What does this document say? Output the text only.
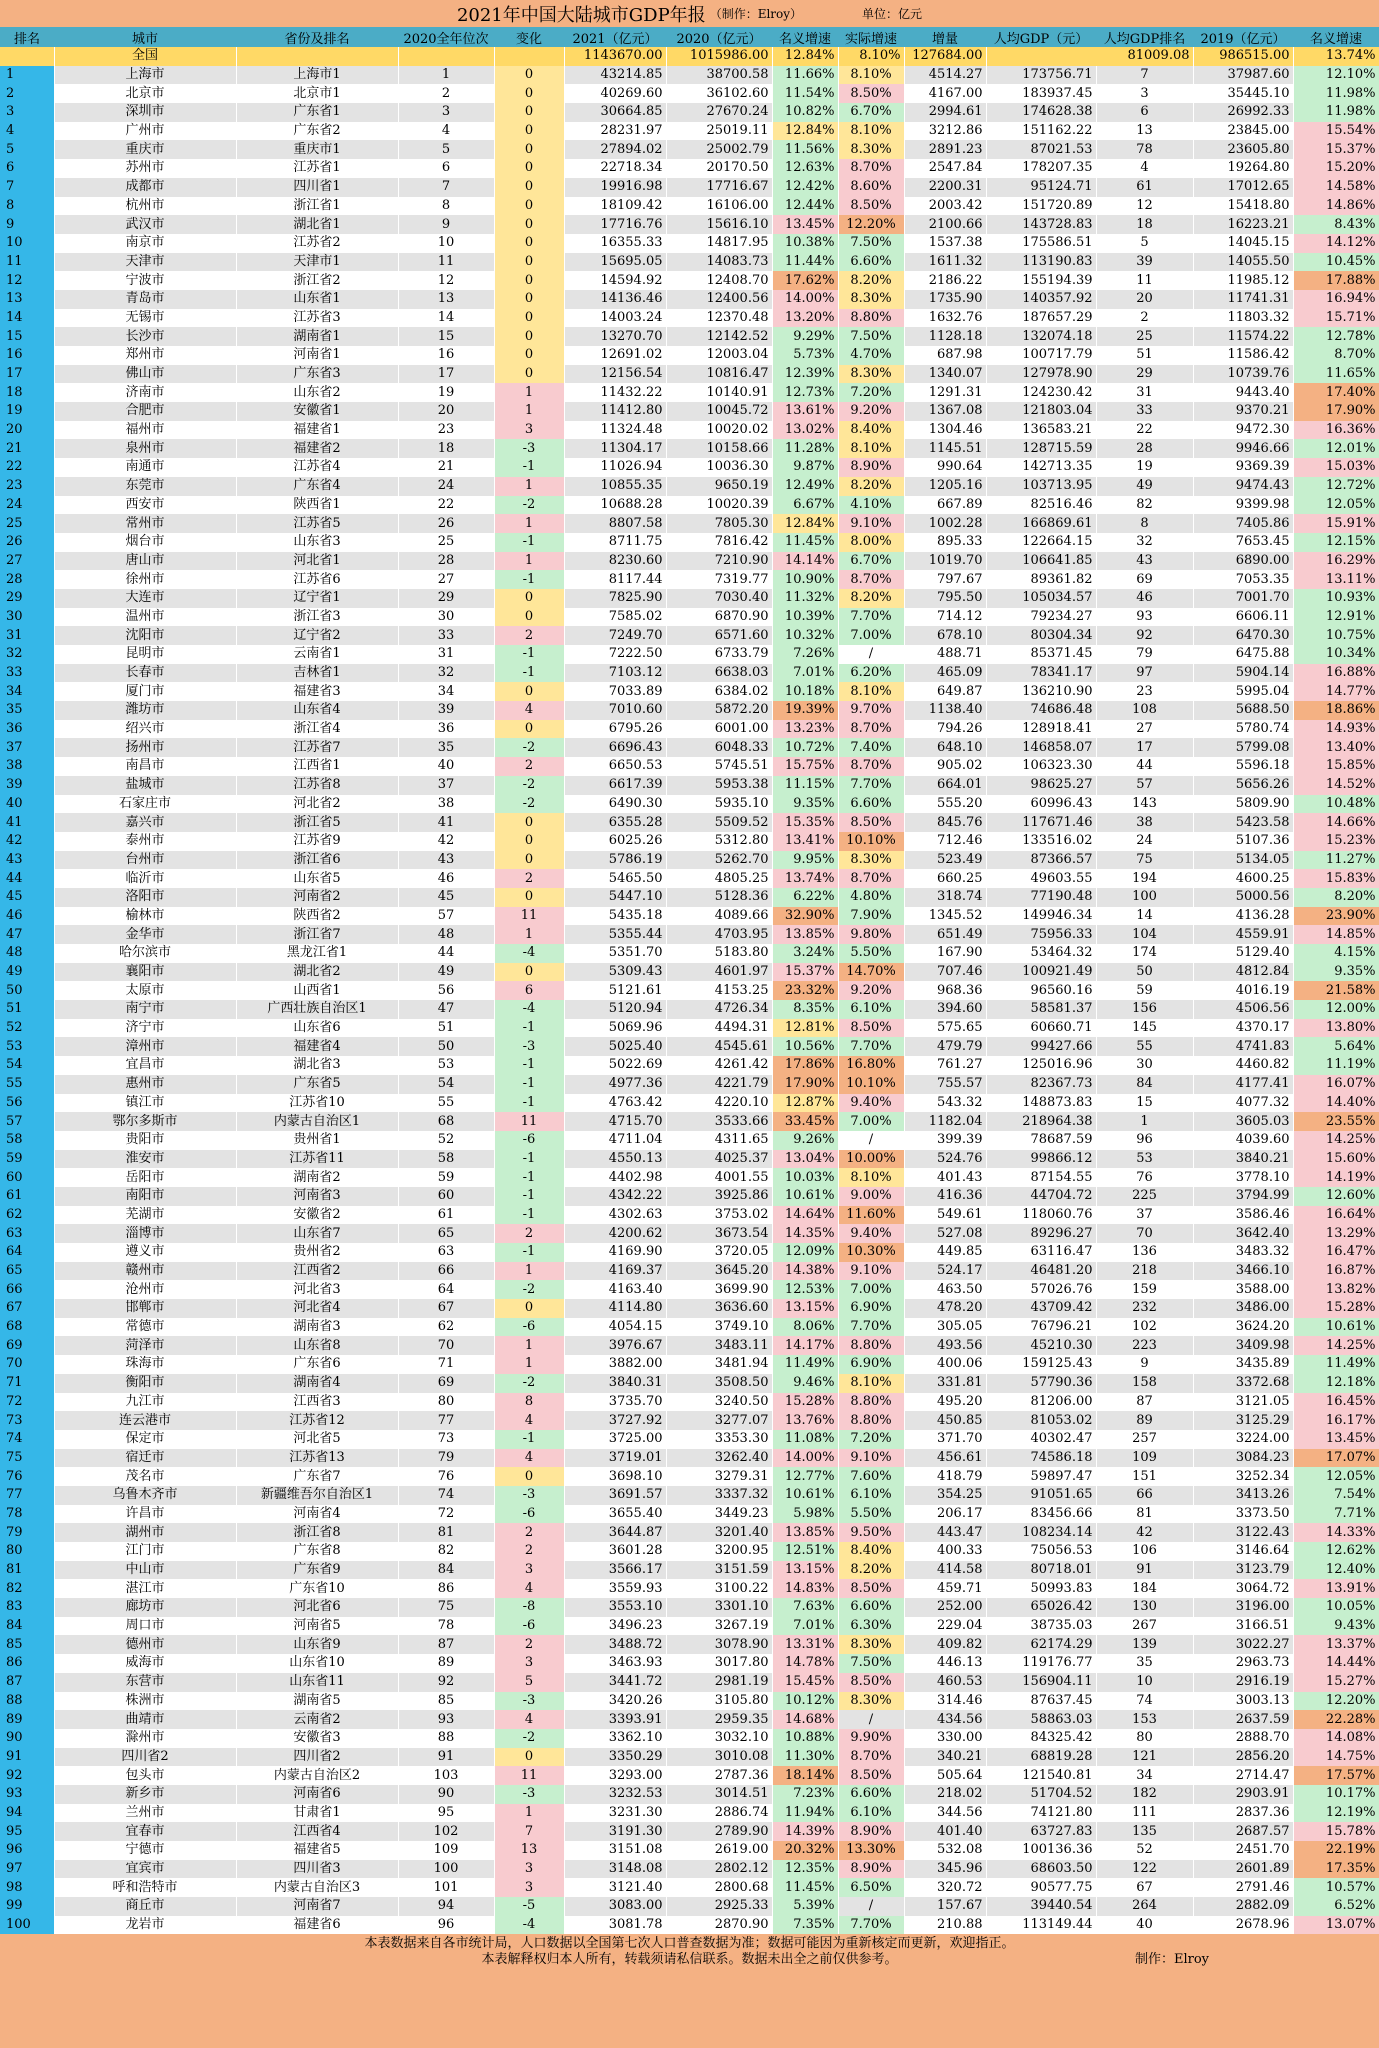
2021年中国大陆城市GDP年报 （制作：Elroy）	单位：亿元
排名	城市	省份及排名	2020全年位次	变化	2021（亿元）	2020（亿元）	名义增速	实际增速	增量	人均GDP（元）	人均GDP排名	2019（亿元）	名义增速
	全国				1143670.00	1015986.00	12.84%	8.10%	127684.00	81009.08		986515.00	13.74%
1	上海市	上海市1	1	0	43214.85	38700.58	11.66%	8.10%	4514.27	173756.71	7	37987.60	12.10%
2	北京市	北京市1	2	0	40269.60	36102.60	11.54%	8.50%	4167.00	183937.45	3	35445.10	11.98%
3	深圳市	广东省1	3	0	30664.85	27670.24	10.82%	6.70%	2994.61	174628.38	6	26992.33	11.98%
4	广州市	广东省2	4	0	28231.97	25019.11	12.84%	8.10%	3212.86	151162.22	13	23845.00	15.54%
5	重庆市	重庆市1	5	0	27894.02	25002.79	11.56%	8.30%	2891.23	87021.53	78	23605.80	15.37%
6	苏州市	江苏省1	6	0	22718.34	20170.50	12.63%	8.70%	2547.84	178207.35	4	19264.80	15.20%
7	成都市	四川省1	7	0	19916.98	17716.67	12.42%	8.60%	2200.31	95124.71	61	17012.65	14.58%
8	杭州市	浙江省1	8	0	18109.42	16106.00	12.44%	8.50%	2003.42	151720.89	12	15418.80	14.86%
9	武汉市	湖北省1	9	0	17716.76	15616.10	13.45%	12.20%	2100.66	143728.83	18	16223.21	8.43%
10	南京市	江苏省2	10	0	16355.33	14817.95	10.38%	7.50%	1537.38	175586.51	5	14045.15	14.12%
11	天津市	天津市1	11	0	15695.05	14083.73	11.44%	6.60%	1611.32	113190.83	39	14055.50	10.45%
12	宁波市	浙江省2	12	0	14594.92	12408.70	17.62%	8.20%	2186.22	155194.39	11	11985.12	17.88%
13	青岛市	山东省1	13	0	14136.46	12400.56	14.00%	8.30%	1735.90	140357.92	20	11741.31	16.94%
14	无锡市	江苏省3	14	0	14003.24	12370.48	13.20%	8.80%	1632.76	187657.29	2	11803.32	15.71%
15	长沙市	湖南省1	15	0	13270.70	12142.52	9.29%	7.50%	1128.18	132074.18	25	11574.22	12.78%
16	郑州市	河南省1	16	0	12691.02	12003.04	5.73%	4.70%	687.98	100717.79	51	11586.42	8.70%
17	佛山市	广东省3	17	0	12156.54	10816.47	12.39%	8.30%	1340.07	127978.90	29	10739.76	11.65%
18	济南市	山东省2	19	1	11432.22	10140.91	12.73%	7.20%	1291.31	124230.42	31	9443.40	17.40%
19	合肥市	安徽省1	20	1	11412.80	10045.72	13.61%	9.20%	1367.08	121803.04	33	9370.21	17.90%
20	福州市	福建省1	23	3	11324.48	10020.02	13.02%	8.40%	1304.46	136583.21	22	9472.30	16.36%
21	泉州市	福建省2	18	-3	11304.17	10158.66	11.28%	8.10%	1145.51	128715.59	28	9946.66	12.01%
22	南通市	江苏省4	21	-1	11026.94	10036.30	9.87%	8.90%	990.64	142713.35	19	9369.39	15.03%
23	东莞市	广东省4	24	1	10855.35	9650.19	12.49%	8.20%	1205.16	103713.95	49	9474.43	12.72%
24	西安市	陕西省1	22	-2	10688.28	10020.39	6.67%	4.10%	667.89	82516.46	82	9399.98	12.05%
25	常州市	江苏省5	26	1	8807.58	7805.30	12.84%	9.10%	1002.28	166869.61	8	7405.86	15.91%
26	烟台市	山东省3	25	-1	8711.75	7816.42	11.45%	8.00%	895.33	122664.15	32	7653.45	12.15%
27	唐山市	河北省1	28	1	8230.60	7210.90	14.14%	6.70%	1019.70	106641.85	43	6890.00	16.29%
28	徐州市	江苏省6	27	-1	8117.44	7319.77	10.90%	8.70%	797.67	89361.82	69	7053.35	13.11%
29	大连市	辽宁省1	29	0	7825.90	7030.40	11.32%	8.20%	795.50	105034.57	46	7001.70	10.93%
30	温州市	浙江省3	30	0	7585.02	6870.90	10.39%	7.70%	714.12	79234.27	93	6606.11	12.91%
31	沈阳市	辽宁省2	33	2	7249.70	6571.60	10.32%	7.00%	678.10	80304.34	92	6470.30	10.75%
32	昆明市	云南省1	31	-1	7222.50	6733.79	7.26%	/	488.71	85371.45	79	6475.88	10.34%
33	长春市	吉林省1	32	-1	7103.12	6638.03	7.01%	6.20%	465.09	78341.17	97	5904.14	16.88%
34	厦门市	福建省3	34	0	7033.89	6384.02	10.18%	8.10%	649.87	136210.90	23	5995.04	14.77%
35	潍坊市	山东省4	39	4	7010.60	5872.20	19.39%	9.70%	1138.40	74686.48	108	5688.50	18.86%
36	绍兴市	浙江省4	36	0	6795.26	6001.00	13.23%	8.70%	794.26	128918.41	27	5780.74	14.93%
37	扬州市	江苏省7	35	-2	6696.43	6048.33	10.72%	7.40%	648.10	146858.07	17	5799.08	13.40%
38	南昌市	江西省1	40	2	6650.53	5745.51	15.75%	8.70%	905.02	106323.30	44	5596.18	15.85%
39	盐城市	江苏省8	37	-2	6617.39	5953.38	11.15%	7.70%	664.01	98625.27	57	5656.26	14.52%
40	石家庄市	河北省2	38	-2	6490.30	5935.10	9.35%	6.60%	555.20	60996.43	143	5809.90	10.48%
41	嘉兴市	浙江省5	41	0	6355.28	5509.52	15.35%	8.50%	845.76	117671.46	38	5423.58	14.66%
42	泰州市	江苏省9	42	0	6025.26	5312.80	13.41%	10.10%	712.46	133516.02	24	5107.36	15.23%
43	台州市	浙江省6	43	0	5786.19	5262.70	9.95%	8.30%	523.49	87366.57	75	5134.05	11.27%
44	临沂市	山东省5	46	2	5465.50	4805.25	13.74%	8.70%	660.25	49603.55	194	4600.25	15.83%
45	洛阳市	河南省2	45	0	5447.10	5128.36	6.22%	4.80%	318.74	77190.48	100	5000.56	8.20%
46	榆林市	陕西省2	57	11	5435.18	4089.66	32.90%	7.90%	1345.52	149946.34	14	4136.28	23.90%
47	金华市	浙江省7	48	1	5355.44	4703.95	13.85%	9.80%	651.49	75956.33	104	4559.91	14.85%
48	哈尔滨市	黑龙江省1	44	-4	5351.70	5183.80	3.24%	5.50%	167.90	53464.32	174	5129.40	4.15%
49	襄阳市	湖北省2	49	0	5309.43	4601.97	15.37%	14.70%	707.46	100921.49	50	4812.84	9.35%
50	太原市	山西省1	56	6	5121.61	4153.25	23.32%	9.20%	968.36	96560.16	59	4016.19	21.58%
51	南宁市	广西壮族自治区1	47	-4	5120.94	4726.34	8.35%	6.10%	394.60	58581.37	156	4506.56	12.00%
52	济宁市	山东省6	51	-1	5069.96	4494.31	12.81%	8.50%	575.65	60660.71	145	4370.17	13.80%
53	漳州市	福建省4	50	-3	5025.40	4545.61	10.56%	7.70%	479.79	99427.66	55	4741.83	5.64%
54	宜昌市	湖北省3	53	-1	5022.69	4261.42	17.86%	16.80%	761.27	125016.96	30	4460.82	11.19%
55	惠州市	广东省5	54	-1	4977.36	4221.79	17.90%	10.10%	755.57	82367.73	84	4177.41	16.07%
56	镇江市	江苏省10	55	-1	4763.42	4220.10	12.87%	9.40%	543.32	148873.83	15	4077.32	14.40%
57	鄂尔多斯市	内蒙古自治区1	68	11	4715.70	3533.66	33.45%	7.00%	1182.04	218964.38	1	3605.03	23.55%
58	贵阳市	贵州省1	52	-6	4711.04	4311.65	9.26%	/	399.39	78687.59	96	4039.60	14.25%
59	淮安市	江苏省11	58	-1	4550.13	4025.37	13.04%	10.00%	524.76	99866.12	53	3840.21	15.60%
60	岳阳市	湖南省2	59	-1	4402.98	4001.55	10.03%	8.10%	401.43	87154.55	76	3778.10	14.19%
61	南阳市	河南省3	60	-1	4342.22	3925.86	10.61%	9.00%	416.36	44704.72	225	3794.99	12.60%
62	芜湖市	安徽省2	61	-1	4302.63	3753.02	14.64%	11.60%	549.61	118060.76	37	3586.46	16.64%
63	淄博市	山东省7	65	2	4200.62	3673.54	14.35%	9.40%	527.08	89296.27	70	3642.40	13.29%
64	遵义市	贵州省2	63	-1	4169.90	3720.05	12.09%	10.30%	449.85	63116.47	136	3483.32	16.47%
65	赣州市	江西省2	66	1	4169.37	3645.20	14.38%	9.10%	524.17	46481.20	218	3466.10	16.87%
66	沧州市	河北省3	64	-2	4163.40	3699.90	12.53%	7.00%	463.50	57026.76	159	3588.00	13.82%
67	邯郸市	河北省4	67	0	4114.80	3636.60	13.15%	6.90%	478.20	43709.42	232	3486.00	15.28%
68	常德市	湖南省3	62	-6	4054.15	3749.10	8.06%	7.70%	305.05	76796.21	102	3624.20	10.61%
69	菏泽市	山东省8	70	1	3976.67	3483.11	14.17%	8.80%	493.56	45210.30	223	3409.98	14.25%
70	珠海市	广东省6	71	1	3882.00	3481.94	11.49%	6.90%	400.06	159125.43	9	3435.89	11.49%
71	衡阳市	湖南省4	69	-2	3840.31	3508.50	9.46%	8.10%	331.81	57790.36	158	3372.68	12.18%
72	九江市	江西省3	80	8	3735.70	3240.50	15.28%	8.80%	495.20	81206.00	87	3121.05	16.45%
73	连云港市	江苏省12	77	4	3727.92	3277.07	13.76%	8.80%	450.85	81053.02	89	3125.29	16.17%
74	保定市	河北省5	73	-1	3725.00	3353.30	11.08%	7.20%	371.70	40302.47	257	3224.00	13.45%
75	宿迁市	江苏省13	79	4	3719.01	3262.40	14.00%	9.10%	456.61	74586.18	109	3084.23	17.07%
76	茂名市	广东省7	76	0	3698.10	3279.31	12.77%	7.60%	418.79	59897.47	151	3252.34	12.05%
77	乌鲁木齐市	新疆维吾尔自治区1	74	-3	3691.57	3337.32	10.61%	6.10%	354.25	91051.65	66	3413.26	7.54%
78	许昌市	河南省4	72	-6	3655.40	3449.23	5.98%	5.50%	206.17	83456.66	81	3373.50	7.71%
79	湖州市	浙江省8	81	2	3644.87	3201.40	13.85%	9.50%	443.47	108234.14	42	3122.43	14.33%
80	江门市	广东省8	82	2	3601.28	3200.95	12.51%	8.40%	400.33	75056.53	106	3146.64	12.62%
81	中山市	广东省9	84	3	3566.17	3151.59	13.15%	8.20%	414.58	80718.01	91	3123.79	12.40%
82	湛江市	广东省10	86	4	3559.93	3100.22	14.83%	8.50%	459.71	50993.83	184	3064.72	13.91%
83	廊坊市	河北省6	75	-8	3553.10	3301.10	7.63%	6.60%	252.00	65026.42	130	3196.00	10.05%
84	周口市	河南省5	78	-6	3496.23	3267.19	7.01%	6.30%	229.04	38735.03	267	3166.51	9.43%
85	德州市	山东省9	87	2	3488.72	3078.90	13.31%	8.30%	409.82	62174.29	139	3022.27	13.37%
86	威海市	山东省10	89	3	3463.93	3017.80	14.78%	7.50%	446.13	119176.77	35	2963.73	14.44%
87	东营市	山东省11	92	5	3441.72	2981.19	15.45%	8.50%	460.53	156904.11	10	2916.19	15.27%
88	株洲市	湖南省5	85	-3	3420.26	3105.80	10.12%	8.30%	314.46	87637.45	74	3003.13	12.20%
89	曲靖市	云南省2	93	4	3393.91	2959.35	14.68%	/	434.56	58863.03	153	2637.59	22.28%
90	滁州市	安徽省3	88	-2	3362.10	3032.10	10.88%	9.90%	330.00	84325.42	80	2888.70	14.08%
91	四川省2	四川省2	91	0	3350.29	3010.08	11.30%	8.70%	340.21	68819.28	121	2856.20	14.75%
92	包头市	内蒙古自治区2	103	11	3293.00	2787.36	18.14%	8.50%	505.64	121540.81	34	2714.47	17.57%
93	新乡市	河南省6	90	-3	3232.53	3014.51	7.23%	6.60%	218.02	51704.52	182	2903.91	10.17%
94	兰州市	甘肃省1	95	1	3231.30	2886.74	11.94%	6.10%	344.56	74121.80	111	2837.36	12.19%
95	宜春市	江西省4	102	7	3191.30	2789.90	14.39%	8.90%	401.40	63727.83	135	2687.57	15.78%
96	宁德市	福建省5	109	13	3151.08	2619.00	20.32%	13.30%	532.08	100136.36	52	2451.70	22.19%
97	宜宾市	四川省3	100	3	3148.08	2802.12	12.35%	8.90%	345.96	68603.50	122	2601.89	17.35%
98	呼和浩特市	内蒙古自治区3	101	3	3121.40	2800.68	11.45%	6.50%	320.72	90577.75	67	2791.46	10.57%
99	商丘市	河南省7	94	-5	3083.00	2925.33	5.39%	/	157.67	39440.54	264	2882.09	6.52%
100	龙岩市	福建省6	96	-4	3081.78	2870.90	7.35%	7.70%	210.88	113149.44	40	2678.96	13.07%
本表数据来自各市统计局，人口数据以全国第七次人口普查数据为准；数据可能因为重新核定而更新，欢迎指正。
本表解释权归本人所有，转载须请私信联系。数据未出全之前仅供参考。	制作：Elroy
